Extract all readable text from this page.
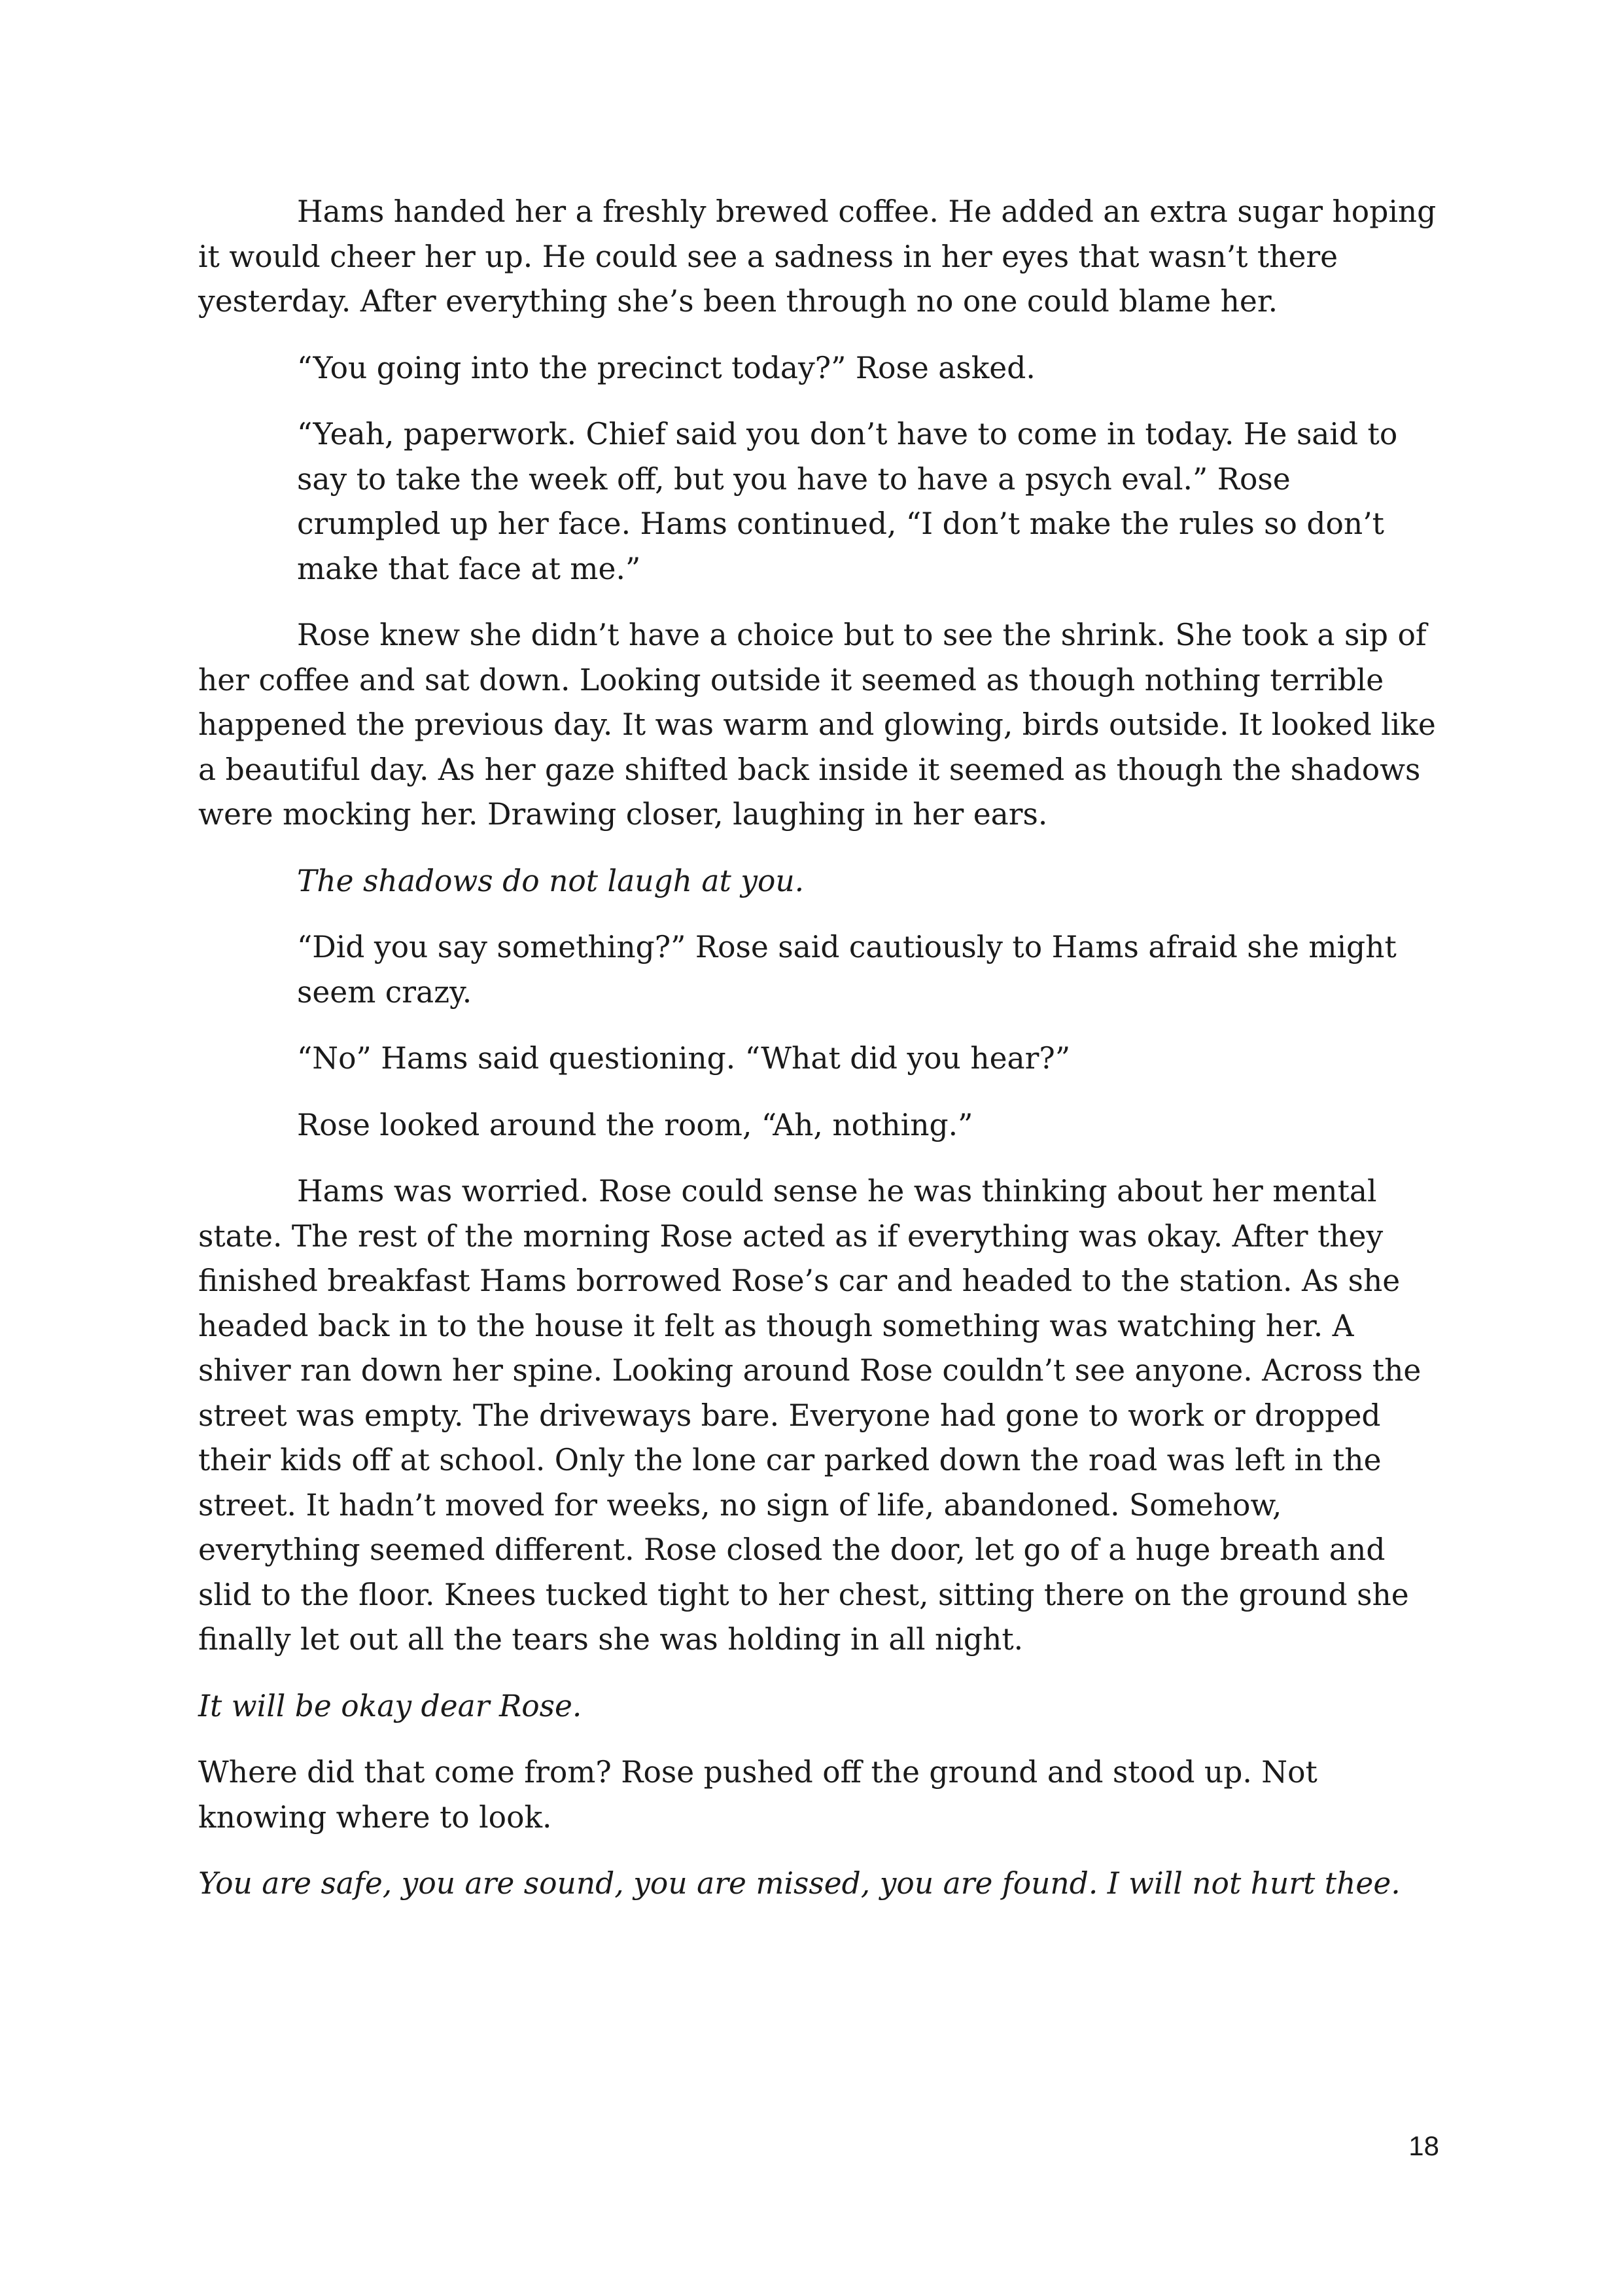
Hams handed her a freshly brewed coffee. He added an extra sugar hoping it would cheer her up. He could see a sadness in her eyes that wasn’t there yesterday. After everything she’s been through no one could blame her.

“You going into the precinct today?” Rose asked.

“Yeah, paperwork. Chief said you don’t have to come in today. He said to say to take the week off, but you have to have a psych eval.” Rose crumpled up her face. Hams continued, “I don’t make the rules so don’t make that face at me.”

Rose knew she didn’t have a choice but to see the shrink. She took a sip of her coffee and sat down. Looking outside it seemed as though nothing terrible happened the previous day. It was warm and glowing, birds outside. It looked like a beautiful day. As her gaze shifted back inside it seemed as though the shadows were mocking her. Drawing closer, laughing in her ears.

The shadows do not laugh at you.

“Did you say something?” Rose said cautiously to Hams afraid she might seem crazy.

“No” Hams said questioning. “What did you hear?”

Rose looked around the room, “Ah, nothing.”

Hams was worried. Rose could sense he was thinking about her mental state. The rest of the morning Rose acted as if everything was okay. After they finished breakfast Hams borrowed Rose’s car and headed to the station. As she headed back in to the house it felt as though something was watching her. A shiver ran down her spine. Looking around Rose couldn’t see anyone. Across the street was empty. The driveways bare. Everyone had gone to work or dropped their kids off at school. Only the lone car parked down the road was left in the street. It hadn’t moved for weeks, no sign of life, abandoned. Somehow, everything seemed different. Rose closed the door, let go of a huge breath and slid to the floor. Knees tucked tight to her chest, sitting there on the ground she finally let out all the tears she was holding in all night.

It will be okay dear Rose.

Where did that come from? Rose pushed off the ground and stood up. Not knowing where to look.

You are safe, you are sound, you are missed, you are found. I will not hurt thee.

18
